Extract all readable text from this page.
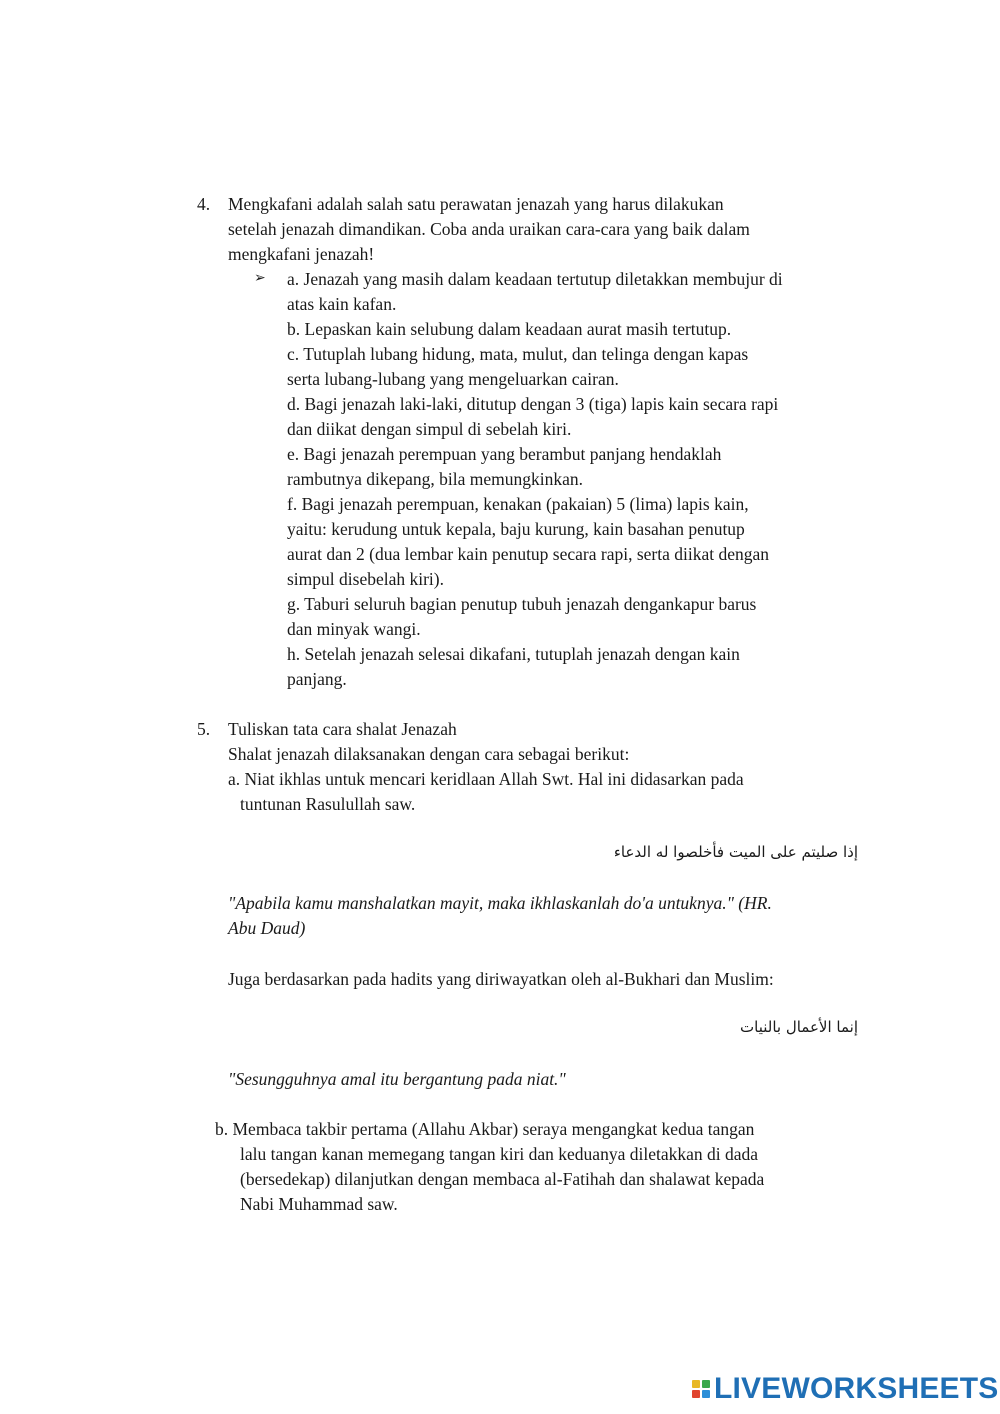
4. Mengkafani adalah salah satu perawatan jenazah yang harus dilakukan
setelah jenazah dimandikan. Coba anda uraikan cara-cara yang baik dalam
mengkafani jenazah!
➢ a. Jenazah yang masih dalam keadaan tertutup diletakkan membujur di
atas kain kafan.
b. Lepaskan kain selubung dalam keadaan aurat masih tertutup.
c. Tutuplah lubang hidung, mata, mulut, dan telinga dengan kapas
serta lubang-lubang yang mengeluarkan cairan.
d. Bagi jenazah laki-laki, ditutup dengan 3 (tiga) lapis kain secara rapi
dan diikat dengan simpul di sebelah kiri.
e. Bagi jenazah perempuan yang berambut panjang hendaklah
rambutnya dikepang, bila memungkinkan.
f. Bagi jenazah perempuan, kenakan (pakaian) 5 (lima) lapis kain,
yaitu: kerudung untuk kepala, baju kurung, kain basahan penutup
aurat dan 2 (dua lembar kain penutup secara rapi, serta diikat dengan
simpul disebelah kiri).
g. Taburi seluruh bagian penutup tubuh jenazah dengankapur barus
dan minyak wangi.
h. Setelah jenazah selesai dikafani, tutuplah jenazah dengan kain
panjang.
5. Tuliskan tata cara shalat Jenazah
Shalat jenazah dilaksanakan dengan cara sebagai berikut:
a. Niat ikhlas untuk mencari keridlaan Allah Swt. Hal ini didasarkan pada
tuntunan Rasulullah saw.
إذا صليتم على الميت فأخلصوا له الدعاء
"Apabila kamu manshalatkan mayit, maka ikhlaskanlah do'a untuknya." (HR.
Abu Daud)
Juga berdasarkan pada hadits yang diriwayatkan oleh al-Bukhari dan Muslim:
إنما الأعمال بالنيات
"Sesungguhnya amal itu bergantung pada niat."
b. Membaca takbir pertama (Allahu Akbar) seraya mengangkat kedua tangan
lalu tangan kanan memegang tangan kiri dan keduanya diletakkan di dada
(bersedekap) dilanjutkan dengan membaca al-Fatihah dan shalawat kepada
Nabi Muhammad saw.
LIVEWORKSHEETS
